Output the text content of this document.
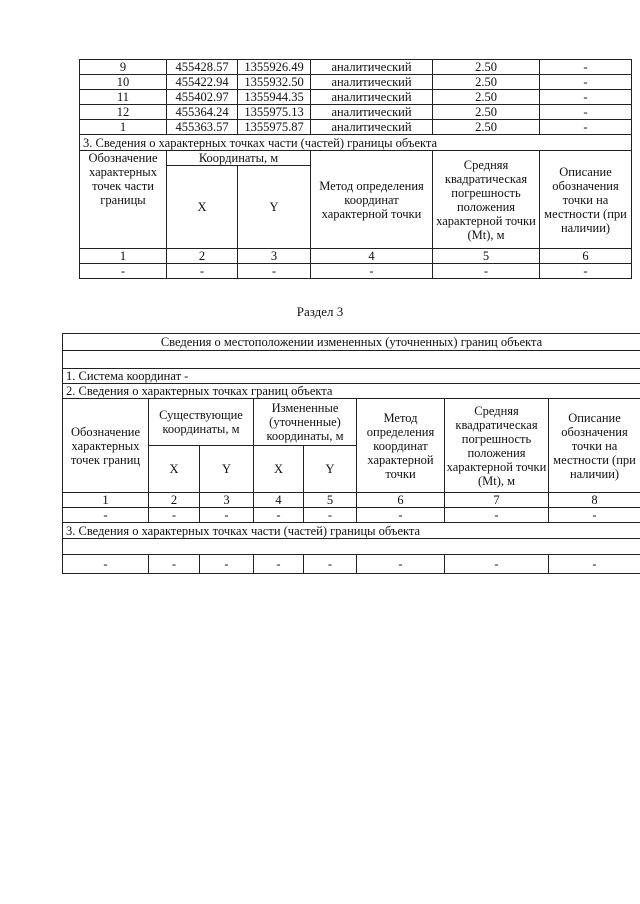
9	455428.57	1355926.49	аналитический	2.50	-
10	455422.94	1355932.50	аналитический	2.50	-
11	455402.97	1355944.35	аналитический	2.50	-
12	455364.24	1355975.13	аналитический	2.50	-
1	455363.57	1355975.87	аналитический	2.50	-
3. Сведения о характерных точках части (частей) границы объекта					
Обозначение характерных точек части границы	Координаты, м		Метод определения координат характерной точки	Средняя квадратическая погрешность положения характерной точки (Mt), м	Описание обозначения точки на местности (при наличии)
	X	Y			
1	2	3	4	5	6
-	-	-	-	-	-
Раздел 3
Сведения о местоположении измененных (уточненных) границ объекта							

1. Система координат -							
2. Сведения о характерных точках границ объекта							
Обозначение характерных точек границ	Существующие координаты, м		Измененные (уточненные) координаты, м		Метод определения координат характерной точки	Средняя квадратическая погрешность положения характерной точки (Mt), м	Описание обозначения точки на местности (при наличии)
	X	Y	X	Y			
1	2	3	4	5	6	7	8
-	-	-	-	-	-	-	-
3. Сведения о характерных точках части (частей) границы объекта							

-	-	-	-	-	-	-	-
